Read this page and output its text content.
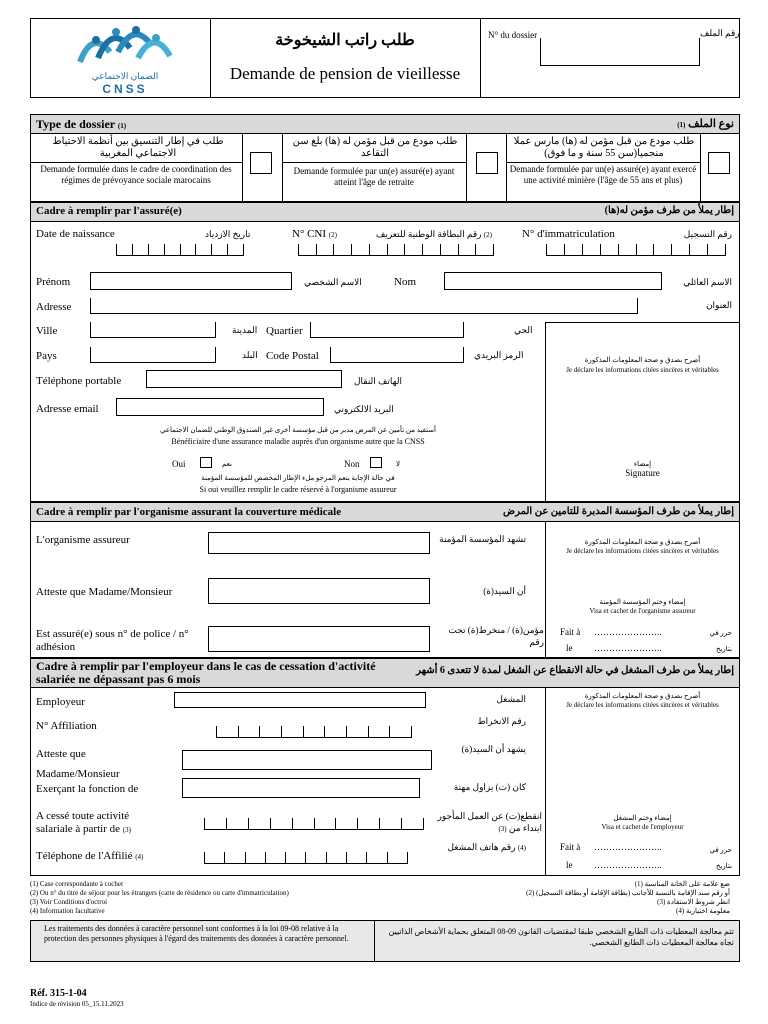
الضمان الاجتماعي
CNSS
طلب راتب الشيخوخة
Demande de pension de vieillesse
N° du dossier	رقم الملف
Type de dossier (1)	نوع الملف (1)
طلب في إطار التنسيق بين أنظمة الاحتياط الاجتماعي المغربية
Demande formulée dans le cadre de coordination des régimes de prévoyance sociale marocains
طلب مودع من قبل مؤمن له (ها) بلغ سن التقاعد
Demande formulée par un(e) assuré(e) ayant atteint l'âge de retraite
طلب مودع من قبل مؤمن له (ها) مارس عملا منجميا(سن 55 سنة و ما فوق)
Demande formulée par un(e) assuré(e) ayant exercé une activité minière (l'âge de 55 ans et plus)
Cadre à remplir par l'assuré(e)	إطار يملأ من طرف مؤمن له(ها)
Date de naissance	تاريخ الازدياد	N° CNI (2)	(2) رقم البطاقة الوطنية للتعريف	N° d'immatriculation	رقم التسجيل
Prénom	الاسم الشخصي	Nom	الاسم العائلي
Adresse	العنوان
أصرح بصدق و صحة المعلومات المذكورة
Je déclare les informations citées sincères et véritables
إمضاء
Signature
Ville	المدينة Quartier	الحي
Pays	البلد Code Postal	الرمز البريدي
Téléphone portable	الهاتف النقال
Adresse email	البريد الالكتروني
أستفيد من تأمين عن المرض مدبر من قبل مؤسسة أخرى غير الصندوق الوطني للضمان الاجتماعي
Bénéficiaire d'une assurance maladie auprès d'un organisme autre que la CNSS
Oui	نعم	Non	لا
في حالة الإجابة بنعم المرجو ملء الإطار المخصص للمؤسسة المؤمنة
Si oui veuillez remplir le cadre réservé à l'organisme assureur
Cadre à remplir par l'organisme assurant la couverture médicale	إطار يملأ من طرف المؤسسة المدبرة للتامين عن المرض
L'organisme assureur	تشهد المؤسسة المؤمنة
Atteste que Madame/Monsieur	أن السيد(ة)
Est assuré(e) sous n° de police / n° adhésion
مؤمن(ة) / منخرط(ة) تحت رقم
أصرح بصدق و صحة المعلومات المذكورة
Je déclare les informations citées sincères et véritables
إمضاء وختم المؤسسة المؤمنة
Visa et cachet de l'organisme assureur
Fait à …………………..	حرر في
le …………………..	بتاريخ
Cadre à remplir par l'employeur dans le cas de cessation d'activité salariée ne dépassant pas 6 mois
إطار يملأ من طرف المشغل في حالة الانقطاع عن الشغل لمدة لا تتعدى 6 أشهر
Employeur	المشغل
N° Affiliation	رقم الانخراط
Atteste que Madame/Monsieur
يشهد أن السيد(ة)
Exerçant la fonction de	كان (ت) يزاول مهنة
A cessé toute activité salariale à partir de (3)
انقطع(ت) عن العمل المأجور ابتداء من (3)
Téléphone de l'Affilié (4)
(4) رقم هاتف المشغل
أصرح بصدق و صحة المعلومات المذكورة
Je déclare les informations citées sincères et véritables
إمضاء وختم المشغل
Visa et cachet de l'employeur
Fait à …………………..	حرر في
le …………………..	بتاريخ
(1) Case correspondante à cocher
(2) Ou n° du titre de séjour pour les étrangers (carte de résidence ou carte d'immatriculation)
(3) Voir Conditions d'octroi
(4) Information facultative
ضع علامة على الخانة المناسبة (1)
أو رقم سند الإقامة بالنسبة للأجانب (بطاقة الإقامة أو بطاقة التسجيل) (2)
انظر شروط الاستفادة (3)
معلومة اختيارية (4)
Les traitements des données à caractère personnel sont conformes à la loi 09-08 relative à la protection des personnes physiques à l'égard des traitements des données à caractère personnel.
تتم معالجة المعطيات ذات الطابع الشخصي طبقا لمقتضيات القانون 09-08 المتعلق بحماية الأشخاص الذاتيين تجاه معالجة المعطيات ذات الطابع الشخصي.
Réf. 315-1-04
Indice de révision 05_15.11.2023
